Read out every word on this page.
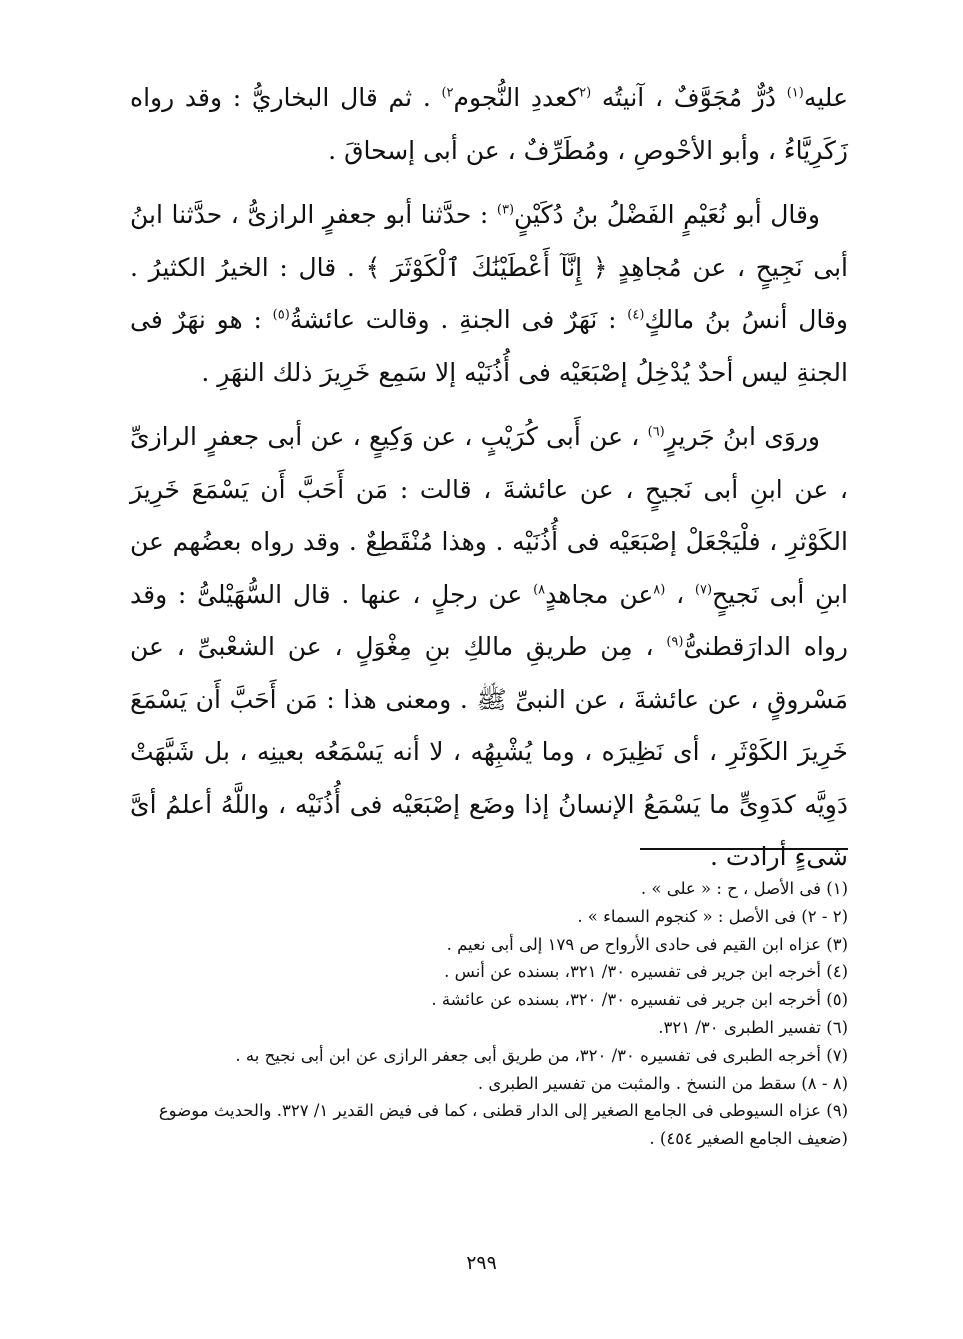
عليه$^{(١)}$ دُرٌّ مُجَوَّفٌ ، آنيتُه $^{(٢}$كعددِ النُّجوم$^{٢)}$ . ثم قال البخاريُّ : وقد رواه زَكَرِيَّاءُ ، وأبو الأحْوصِ ، ومُطَرِّفٌ ، عن أبى إسحاقَ .

وقال أبو نُعَيْمٍ الفَضْلُ بنُ دُكَيْنٍ$^{(٣)}$ : حدَّثنا أبو جعفرٍ الرازىُّ ، حدَّثنا ابنُ أبى نَجِيحٍ ، عن مُجاهِدٍ ﴿ إِنَّآ أَعْطَيْنَٰكَ ٱلْكَوْثَرَ ﴾ . قال : الخيرُ الكثيرُ . وقال أنسُ بنُ مالكٍ$^{(٤)}$ : نَهَرٌ فى الجنةِ . وقالت عائشةُ$^{(٥)}$ : هو نهَرٌ فى الجنةِ ليس أحدٌ يُدْخِلُ إصْبَعَيْه فى أُذُنَيْه إلا سَمِع خَرِيرَ ذلك النهَرِ .

وروَى ابنُ جَريرٍ$^{(٦)}$ ، عن أَبى كُرَيْبٍ ، عن وَكِيعٍ ، عن أبى جعفرٍ الرازىِّ ، عن ابنِ أبى نَجيحٍ ، عن عائشةَ ، قالت : مَن أَحَبَّ أَن يَسْمَعَ خَرِيرَ الكَوْثرِ ، فلْيَجْعَلْ إصْبَعَيْه فى أُذُنَيْه . وهذا مُنْقَطِعٌ . وقد رواه بعضُهم عن ابنِ أبى نَجيحٍ$^{(٧)}$ ، $^{(٨}$عن مجاهدٍ$^{٨)}$ عن رجلٍ ، عنها . قال السُّهَيْلىُّ : وقد رواه الدارَقطنىُّ$^{(٩)}$ ، مِن طريقِ مالكِ بنِ مِغْوَلٍ ، عن الشعْبىِّ ، عن مَسْروقٍ ، عن عائشةَ ، عن النبىِّ ﷺ . ومعنى هذا : مَن أَحَبَّ أَن يَسْمَعَ خَرِيرَ الكَوْثَرِ ، أى نَظِيرَه ، وما يُشْبِهُه ، لا أنه يَسْمَعُه بعينِه ، بل شَبَّهَتْ دَوِيَّه كدَوِىٍّ ما يَسْمَعُ الإنسانُ إذا وضَع إصْبَعَيْه فى أُذُنَيْه ، واللَّهُ أعلمُ أىَّ شىءٍ أرادت .

(١) فى الأصل ، ح : « على » .

(٢ - ٢) فى الأصل : « كنجوم السماء » .

(٣) عزاه ابن القيم فى حادى الأرواح ص ١٧٩ إلى أبى نعيم .

(٤) أخرجه ابن جرير فى تفسيره ٣٠/ ٣٢١، بسنده عن أنس .

(٥) أخرجه ابن جرير فى تفسيره ٣٠/ ٣٢٠، بسنده عن عائشة .

(٦) تفسير الطبرى ٣٠/ ٣٢١.

(٧) أخرجه الطبرى فى تفسيره ٣٠/ ٣٢٠، من طريق أبى جعفر الرازى عن ابن أبى نجيح به .

(٨ - ٨) سقط من النسخ . والمثبت من تفسير الطبرى .

(٩) عزاه السيوطى فى الجامع الصغير إلى الدار قطنى ، كما فى فيض القدير ١/ ٣٢٧. والحديث موضوع (ضعيف الجامع الصغير ٤٥٤) .

٢٩٩
